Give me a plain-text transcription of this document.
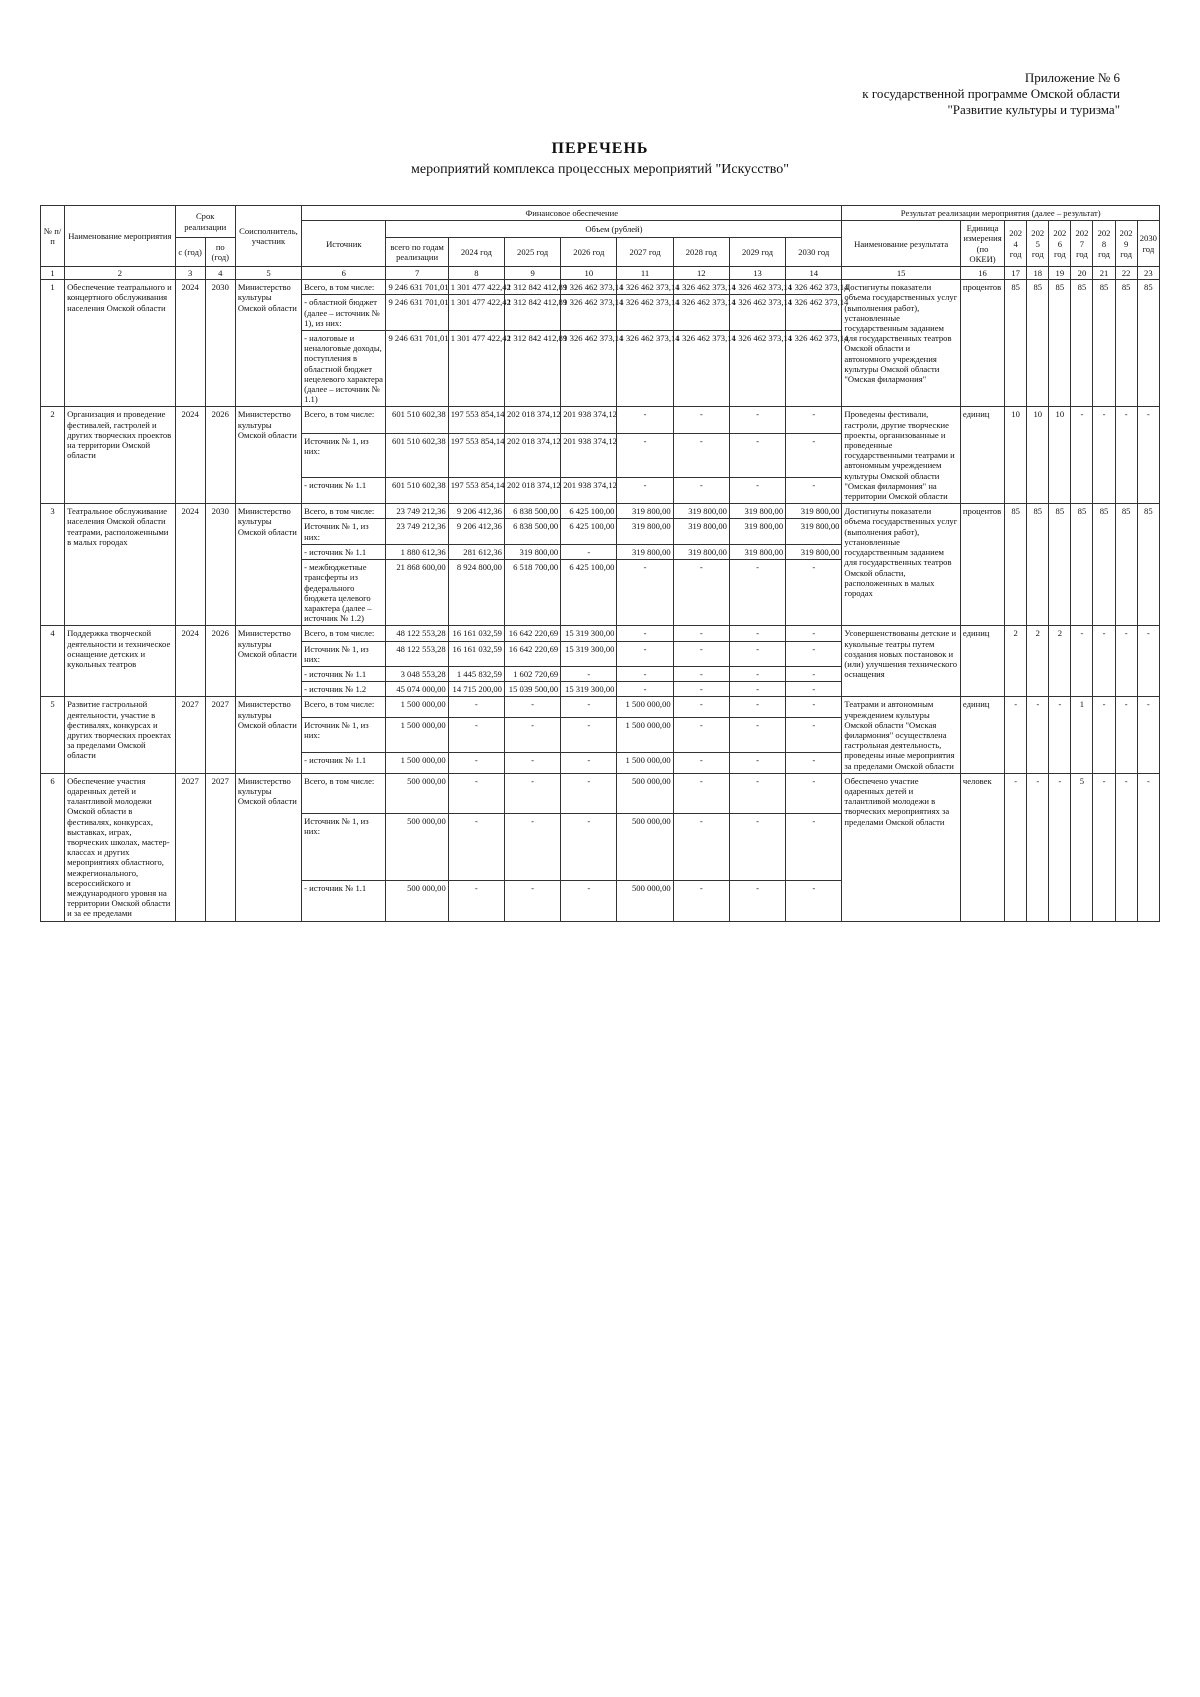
Приложение № 6
к государственной программе Омской области
"Развитие культуры и туризма"
ПЕРЕЧЕНЬ
мероприятий комплекса процессных мероприятий "Искусство"
№ п/п	Наименование мероприятия	Срок реализации		Соисполнитель, участник	Финансовое обеспечение									Результат реализации мероприятия (далее – результат)								
					Источник	Объем (рублей)								Наименование результата	Единица измерения (по ОКЕИ)	2024 год	2025 год	2026 год	2027 год	2028 год	2029 год	2030 год
		с (год)	по (год)			всего по годам реализации	2024 год	2025 год	2026 год	2027 год	2028 год	2029 год	2030 год									
1	2	3	4	5	6	7	8	9	10	11	12	13	14	15	16	17	18	19	20	21	22	23
1	Обеспечение театрального и концертного обслуживания населения Омской области	2024	2030	Министерство культуры Омской области	Всего, в том числе:	9 246 631 701,01	1 301 477 422,42	1 312 842 412,89	1 326 462 373,14	1 326 462 373,14	1 326 462 373,14	1 326 462 373,14	1 326 462 373,14	Достигнуты показатели объема государственных услуг (выполнения работ), установленные государственным заданием для государственных театров Омской области и автономного учреждения культуры Омской области "Омская филармония"	процентов	85	85	85	85	85	85	85
					- областной бюджет (далее – источник № 1), из них:	9 246 631 701,01	1 301 477 422,42	1 312 842 412,89	1 326 462 373,14	1 326 462 373,14	1 326 462 373,14	1 326 462 373,14	1 326 462 373,14									
					- налоговые и неналоговые доходы, поступления в областной бюджет нецелевого характера (далее – источник № 1.1)	9 246 631 701,01	1 301 477 422,42	1 312 842 412,89	1 326 462 373,14	1 326 462 373,14	1 326 462 373,14	1 326 462 373,14	1 326 462 373,14									
2	Организация и проведение фестивалей, гастролей и других творческих проектов на территории Омской области	2024	2026	Министерство культуры Омской области	Всего, в том числе:	601 510 602,38	197 553 854,14	202 018 374,12	201 938 374,12	-	-	-	-	Проведены фестивали, гастроли, другие творческие проекты, организованные и проведенные государственными театрами и автономным учреждением культуры Омской области "Омская филармония" на территории Омской области	единиц	10	10	10	-	-	-	-
					Источник № 1, из них:	601 510 602,38	197 553 854,14	202 018 374,12	201 938 374,12	-	-	-	-									
					- источник № 1.1	601 510 602,38	197 553 854,14	202 018 374,12	201 938 374,12	-	-	-	-									
3	Театральное обслуживание населения Омской области театрами, расположенными в малых городах	2024	2030	Министерство культуры Омской области	Всего, в том числе:	23 749 212,36	9 206 412,36	6 838 500,00	6 425 100,00	319 800,00	319 800,00	319 800,00	319 800,00	Достигнуты показатели объема государственных услуг (выполнения работ), установленные государственным заданием для государственных театров Омской области, расположенных в малых городах	процентов	85	85	85	85	85	85	85
					Источник № 1, из них:	23 749 212,36	9 206 412,36	6 838 500,00	6 425 100,00	319 800,00	319 800,00	319 800,00	319 800,00									
					- источник № 1.1	1 880 612,36	281 612,36	319 800,00	-	319 800,00	319 800,00	319 800,00	319 800,00									
					- межбюджетные трансферты из федерального бюджета целевого характера (далее – источник № 1.2)	21 868 600,00	8 924 800,00	6 518 700,00	6 425 100,00	-	-	-	-									
4	Поддержка творческой деятельности и техническое оснащение детских и кукольных театров	2024	2026	Министерство культуры Омской области	Всего, в том числе:	48 122 553,28	16 161 032,59	16 642 220,69	15 319 300,00	-	-	-	-	Усовершенствованы детские и кукольные театры путем создания новых постановок и (или) улучшения технического оснащения	единиц	2	2	2	-	-	-	-
					Источник № 1, из них:	48 122 553,28	16 161 032,59	16 642 220,69	15 319 300,00	-	-	-	-									
					- источник № 1.1	3 048 553,28	1 445 832,59	1 602 720,69	-	-	-	-	-									
					- источник № 1.2	45 074 000,00	14 715 200,00	15 039 500,00	15 319 300,00	-	-	-	-									
5	Развитие гастрольной деятельности, участие в фестивалях, конкурсах и других творческих проектах за пределами Омской области	2027	2027	Министерство культуры Омской области	Всего, в том числе:	1 500 000,00	-	-	-	1 500 000,00	-	-	-	Театрами и автономным учреждением культуры Омской области "Омская филармония" осуществлена гастрольная деятельность, проведены иные мероприятия за пределами Омской области	единиц	-	-	-	1	-	-	-
					Источник № 1, из них:	1 500 000,00	-	-	-	1 500 000,00	-	-	-									
					- источник № 1.1	1 500 000,00	-	-	-	1 500 000,00	-	-	-									
6	Обеспечение участия одаренных детей и талантливой молодежи Омской области в фестивалях, конкурсах, выставках, играх, творческих школах, мастер-классах и других мероприятиях областного, межрегионального, всероссийского и международного уровня на территории Омской области и за ее пределами	2027	2027	Министерство культуры Омской области	Всего, в том числе:	500 000,00	-	-	-	500 000,00	-	-	-	Обеспечено участие одаренных детей и талантливой молодежи в творческих мероприятиях за пределами Омской области	человек	-	-	-	5	-	-	-
					Источник № 1, из них:	500 000,00	-	-	-	500 000,00	-	-	-									
					- источник № 1.1	500 000,00	-	-	-	500 000,00	-	-	-									
